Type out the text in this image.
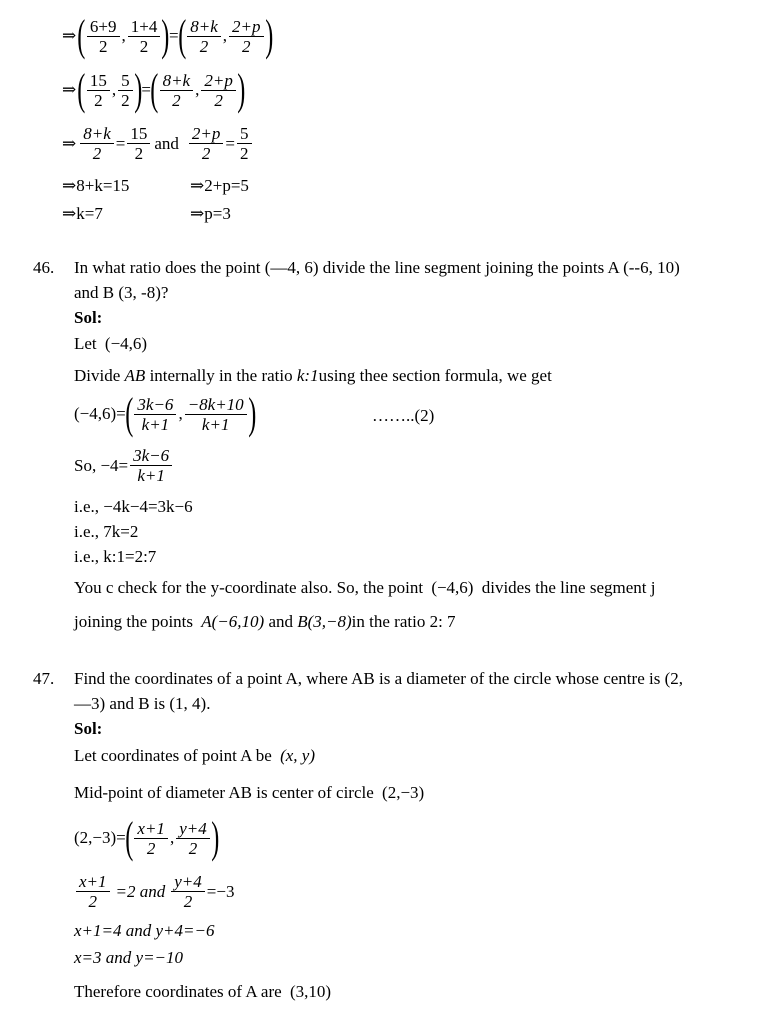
⇒ ( $\frac{6+9}{2}$ , $\frac{1+4}{2}$ ) = ( $\frac{8+k}{2}$ , $\frac{2+p}{2}$ )
⇒ ( $\frac{15}{2}$ , $\frac{5}{2}$ ) = ( $\frac{8+k}{2}$ , $\frac{2+p}{2}$ )
⇒ $\frac{8+k}{2} = \frac{15}{2}$ and $\frac{2+p}{2} = \frac{5}{2}$
⇒8+k=15	⇒2+p=5
⇒k=7	⇒p=3
46. In what ratio does the point (—4, 6) divide the line segment joining the points A (--6, 10)
and B (3, -8)?
Sol:
Let (−4,6)
Divide AB internally in the ratio k:1using thee section formula, we get
(−4,6)= ( $\frac{3k-6}{k+1}$ , $\frac{-8k+10}{k+1}$ )	……..(2)
So, $-4= \frac{3k-6}{k+1}$
i.e., −4k−4=3k−6
i.e., 7k=2
i.e., k:1=2:7
You c check for the y-coordinate also. So, the point (−4,6) divides the line segment j
joining the points A(−6,10) and B(3,−8)in the ratio 2: 7
47. Find the coordinates of a point A, where AB is a diameter of the circle whose centre is (2,
—3) and B is (1, 4).
Sol:
Let coordinates of point A be (x, y)
Mid-point of diameter AB is center of circle (2,−3)
(2,−3)= ( $\frac{x+1}{2}$ , $\frac{y+4}{2}$ )
$\frac{x+1}{2} =2$ and $\frac{y+4}{2} =-3$
x+1=4 and y+4=−6
x=3 and y=−10
Therefore coordinates of A are (3,10)
